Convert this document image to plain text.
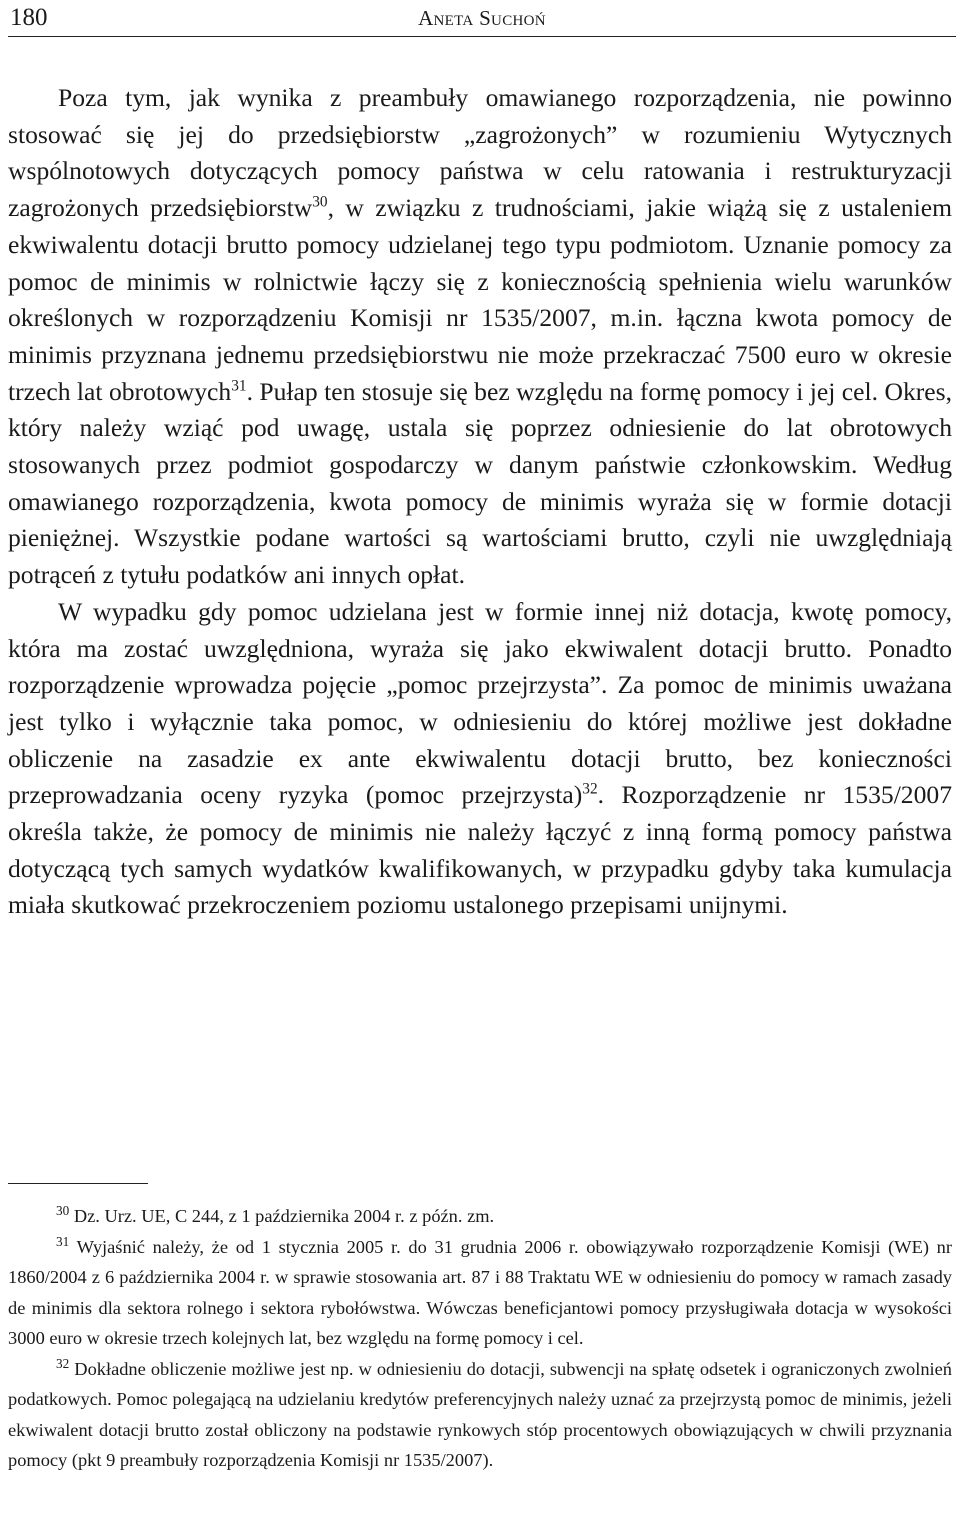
180	Aneta Suchoń

Poza tym, jak wynika z preambuły omawianego rozporządzenia, nie powinno stosować się jej do przedsiębiorstw „zagrożonych” w rozumieniu Wytycznych wspólnotowych dotyczących pomocy państwa w celu ratowania i restrukturyzacji zagrożonych przedsiębiorstw$^{30}$, w związku z trudnościami, jakie wiążą się z ustaleniem ekwiwalentu dotacji brutto pomocy udzielanej tego typu podmiotom. Uznanie pomocy za pomoc de minimis w rolnictwie łączy się z koniecznością spełnienia wielu warunków określonych w rozporządzeniu Komisji nr 1535/2007, m.in. łączna kwota pomocy de minimis przyznana jednemu przedsiębiorstwu nie może przekraczać 7500 euro w okresie trzech lat obrotowych$^{31}$. Pułap ten stosuje się bez względu na formę pomocy i jej cel. Okres, który należy wziąć pod uwagę, ustala się poprzez odniesienie do lat obrotowych stosowanych przez podmiot gospodarczy w danym państwie członkowskim. Według omawianego rozporządzenia, kwota pomocy de minimis wyraża się w formie dotacji pieniężnej. Wszystkie podane wartości są wartościami brutto, czyli nie uwzględniają potrąceń z tytułu podatków ani innych opłat.

W wypadku gdy pomoc udzielana jest w formie innej niż dotacja, kwotę pomocy, która ma zostać uwzględniona, wyraża się jako ekwiwalent dotacji brutto. Ponadto rozporządzenie wprowadza pojęcie „pomoc przejrzysta”. Za pomoc de minimis uważana jest tylko i wyłącznie taka pomoc, w odniesieniu do której możliwe jest dokładne obliczenie na zasadzie ex ante ekwiwalentu dotacji brutto, bez konieczności przeprowadzania oceny ryzyka (pomoc przejrzysta)$^{32}$. Rozporządzenie nr 1535/2007 określa także, że pomocy de minimis nie należy łączyć z inną formą pomocy państwa dotyczącą tych samych wydatków kwalifikowanych, w przypadku gdyby taka kumulacja miała skutkować przekroczeniem poziomu ustalonego przepisami unijnymi.

$^{30}$ Dz. Urz. UE, C 244, z 1 października 2004 r. z późn. zm.

$^{31}$ Wyjaśnić należy, że od 1 stycznia 2005 r. do 31 grudnia 2006 r. obowiązywało rozporządzenie Komisji (WE) nr 1860/2004 z 6 października 2004 r. w sprawie stosowania art. 87 i 88 Traktatu WE w odniesieniu do pomocy w ramach zasady de minimis dla sektora rolnego i sektora rybołówstwa. Wówczas beneficjantowi pomocy przysługiwała dotacja w wysokości 3000 euro w okresie trzech kolejnych lat, bez względu na formę pomocy i cel.

$^{32}$ Dokładne obliczenie możliwe jest np. w odniesieniu do dotacji, subwencji na spłatę odsetek i ograniczonych zwolnień podatkowych. Pomoc polegającą na udzielaniu kredytów preferencyjnych należy uznać za przejrzystą pomoc de minimis, jeżeli ekwiwalent dotacji brutto został obliczony na podstawie rynkowych stóp procentowych obowiązujących w chwili przyznania pomocy (pkt 9 preambuły rozporządzenia Komisji nr 1535/2007).
